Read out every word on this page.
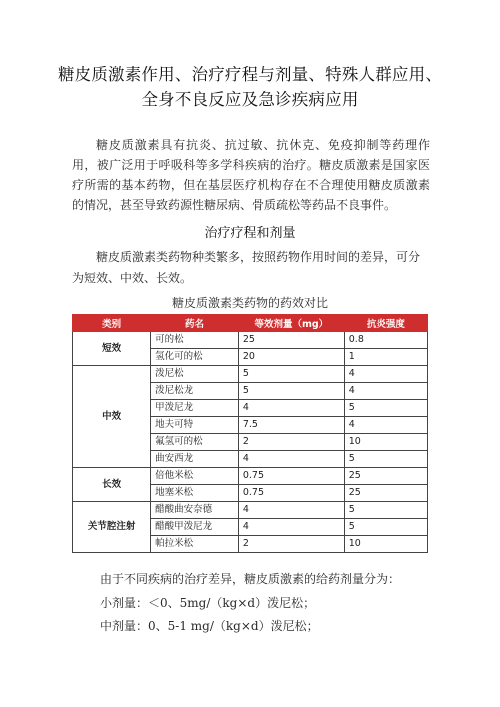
糖皮质激素作用、治疗疗程与剂量、特殊人群应用、全身不良反应及急诊疾病应用
糖皮质激素具有抗炎、抗过敏、抗休克、免疫抑制等药理作用，被广泛用于呼吸科等多学科疾病的治疗。糖皮质激素是国家医疗所需的基本药物，但在基层医疗机构存在不合理使用糖皮质激素的情况，甚至导致药源性糖尿病、骨质疏松等药品不良事件。
治疗疗程和剂量
糖皮质激素类药物种类繁多，按照药物作用时间的差异，可分为短效、中效、长效。
糖皮质激素类药物的药效对比
类别	药名	等效剂量（mg）	抗炎强度
短效	可的松	25	0.8
	氢化可的松	20	1
中效	泼尼松	5	4
	泼尼松龙	5	4
	甲泼尼龙	4	5
	地夫可特	7.5	4
	氟氢可的松	2	10
	曲安西龙	4	5
长效	倍他米松	0.75	25
	地塞米松	0.75	25
关节腔注射	醋酸曲安奈德	4	5
	醋酸甲泼尼龙	4	5
	帕拉米松	2	10
由于不同疾病的治疗差异，糖皮质激素的给药剂量分为：
小剂量：＜0、5mg/（kg×d）泼尼松；
中剂量：0、5-1 mg/（kg×d）泼尼松；
